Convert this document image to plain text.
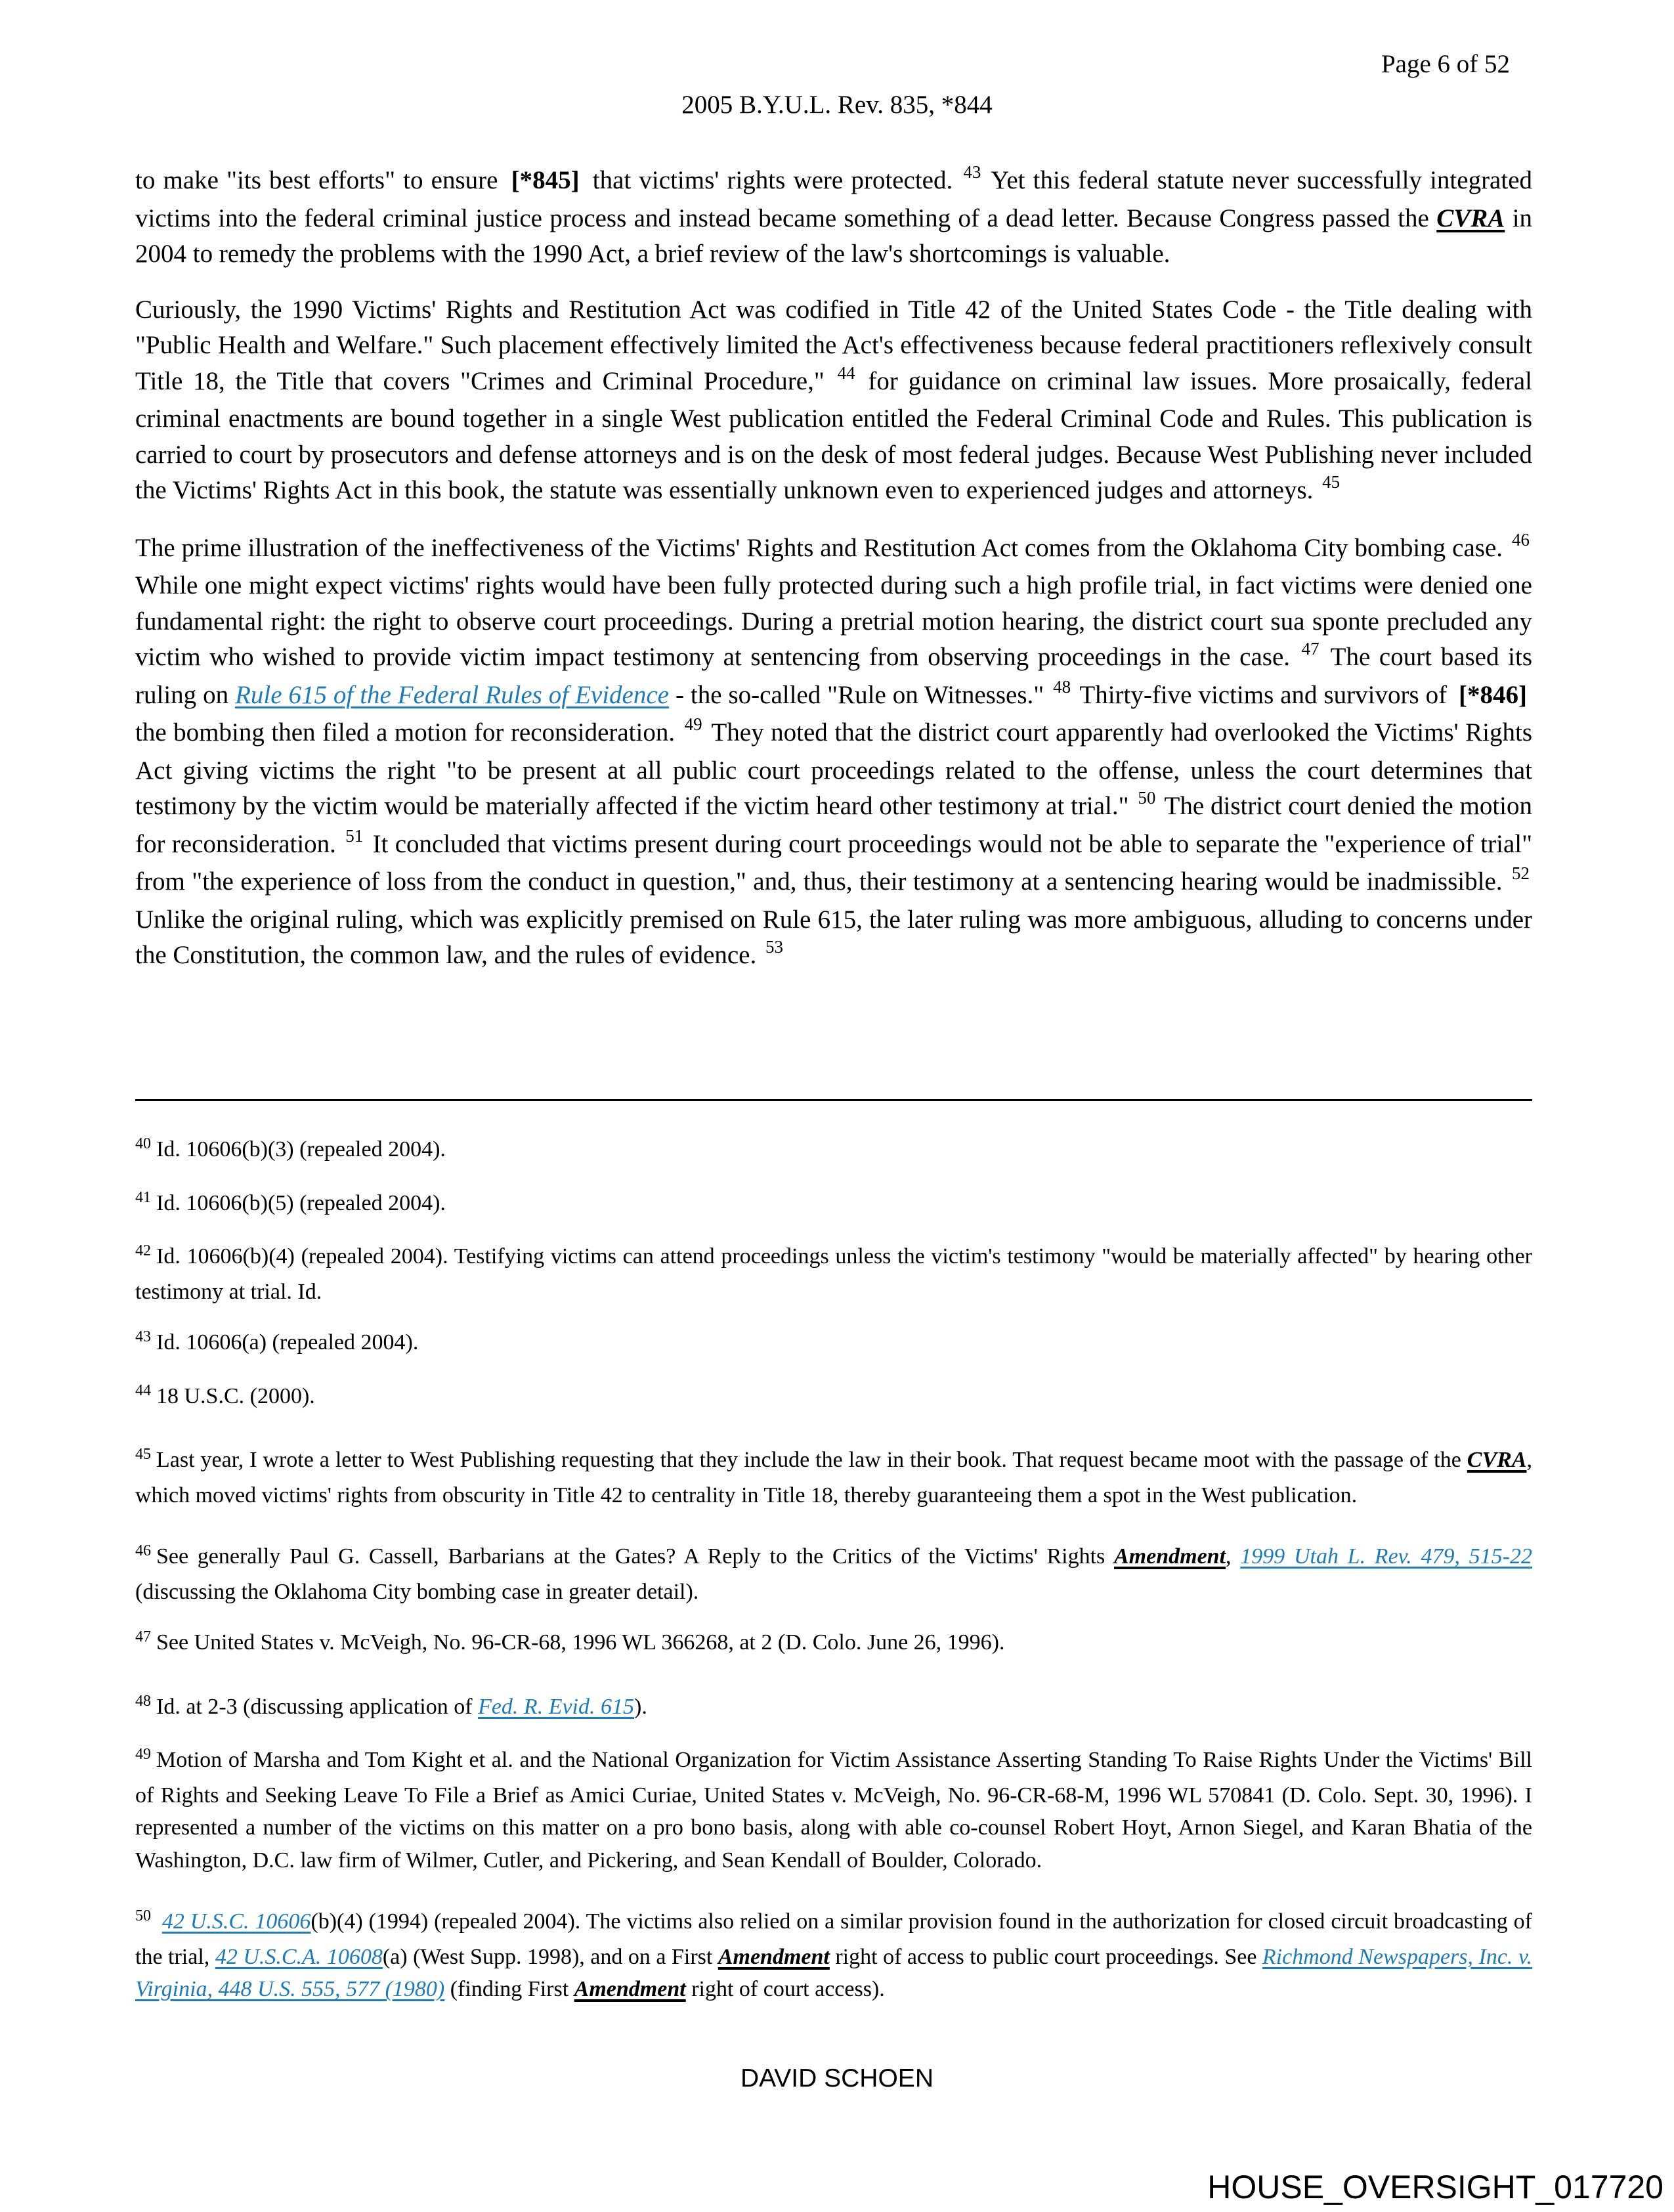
Page 6 of 52
2005 B.Y.U.L. Rev. 835, *844

to make "its best efforts" to ensure [*845] that victims' rights were protected. $^{43}$ Yet this federal statute never successfully integrated victims into the federal criminal justice process and instead became something of a dead letter. Because Congress passed the CVRA in 2004 to remedy the problems with the 1990 Act, a brief review of the law's shortcomings is valuable.

Curiously, the 1990 Victims' Rights and Restitution Act was codified in Title 42 of the United States Code - the Title dealing with "Public Health and Welfare." Such placement effectively limited the Act's effectiveness because federal practitioners reflexively consult Title 18, the Title that covers "Crimes and Criminal Procedure," $^{44}$ for guidance on criminal law issues. More prosaically, federal criminal enactments are bound together in a single West publication entitled the Federal Criminal Code and Rules. This publication is carried to court by prosecutors and defense attorneys and is on the desk of most federal judges. Because West Publishing never included the Victims' Rights Act in this book, the statute was essentially unknown even to experienced judges and attorneys. $^{45}$

The prime illustration of the ineffectiveness of the Victims' Rights and Restitution Act comes from the Oklahoma City bombing case. $^{46}$ While one might expect victims' rights would have been fully protected during such a high profile trial, in fact victims were denied one fundamental right: the right to observe court proceedings. During a pretrial motion hearing, the district court sua sponte precluded any victim who wished to provide victim impact testimony at sentencing from observing proceedings in the case. $^{47}$ The court based its ruling on Rule 615 of the Federal Rules of Evidence - the so-called "Rule on Witnesses." $^{48}$ Thirty-five victims and survivors of [*846] the bombing then filed a motion for reconsideration. $^{49}$ They noted that the district court apparently had overlooked the Victims' Rights Act giving victims the right "to be present at all public court proceedings related to the offense, unless the court determines that testimony by the victim would be materially affected if the victim heard other testimony at trial." $^{50}$ The district court denied the motion for reconsideration. $^{51}$ It concluded that victims present during court proceedings would not be able to separate the "experience of trial" from "the experience of loss from the conduct in question," and, thus, their testimony at a sentencing hearing would be inadmissible. $^{52}$ Unlike the original ruling, which was explicitly premised on Rule 615, the later ruling was more ambiguous, alluding to concerns under the Constitution, the common law, and the rules of evidence. $^{53}$

$^{40}$ Id. 10606(b)(3) (repealed 2004).

$^{41}$ Id. 10606(b)(5) (repealed 2004).

$^{42}$ Id. 10606(b)(4) (repealed 2004). Testifying victims can attend proceedings unless the victim's testimony "would be materially affected" by hearing other testimony at trial. Id.

$^{43}$ Id. 10606(a) (repealed 2004).

$^{44}$ 18 U.S.C. (2000).

$^{45}$ Last year, I wrote a letter to West Publishing requesting that they include the law in their book. That request became moot with the passage of the CVRA, which moved victims' rights from obscurity in Title 42 to centrality in Title 18, thereby guaranteeing them a spot in the West publication.

$^{46}$ See generally Paul G. Cassell, Barbarians at the Gates? A Reply to the Critics of the Victims' Rights Amendment, 1999 Utah L. Rev. 479, 515-22 (discussing the Oklahoma City bombing case in greater detail).

$^{47}$ See United States v. McVeigh, No. 96-CR-68, 1996 WL 366268, at 2 (D. Colo. June 26, 1996).

$^{48}$ Id. at 2-3 (discussing application of Fed. R. Evid. 615).

$^{49}$ Motion of Marsha and Tom Kight et al. and the National Organization for Victim Assistance Asserting Standing To Raise Rights Under the Victims' Bill of Rights and Seeking Leave To File a Brief as Amici Curiae, United States v. McVeigh, No. 96-CR-68-M, 1996 WL 570841 (D. Colo. Sept. 30, 1996). I represented a number of the victims on this matter on a pro bono basis, along with able co-counsel Robert Hoyt, Arnon Siegel, and Karan Bhatia of the Washington, D.C. law firm of Wilmer, Cutler, and Pickering, and Sean Kendall of Boulder, Colorado.

$^{50}$ 42 U.S.C. 10606(b)(4) (1994) (repealed 2004). The victims also relied on a similar provision found in the authorization for closed circuit broadcasting of the trial, 42 U.S.C.A. 10608(a) (West Supp. 1998), and on a First Amendment right of access to public court proceedings. See Richmond Newspapers, Inc. v. Virginia, 448 U.S. 555, 577 (1980) (finding First Amendment right of court access).

DAVID SCHOEN
HOUSE_OVERSIGHT_017720
